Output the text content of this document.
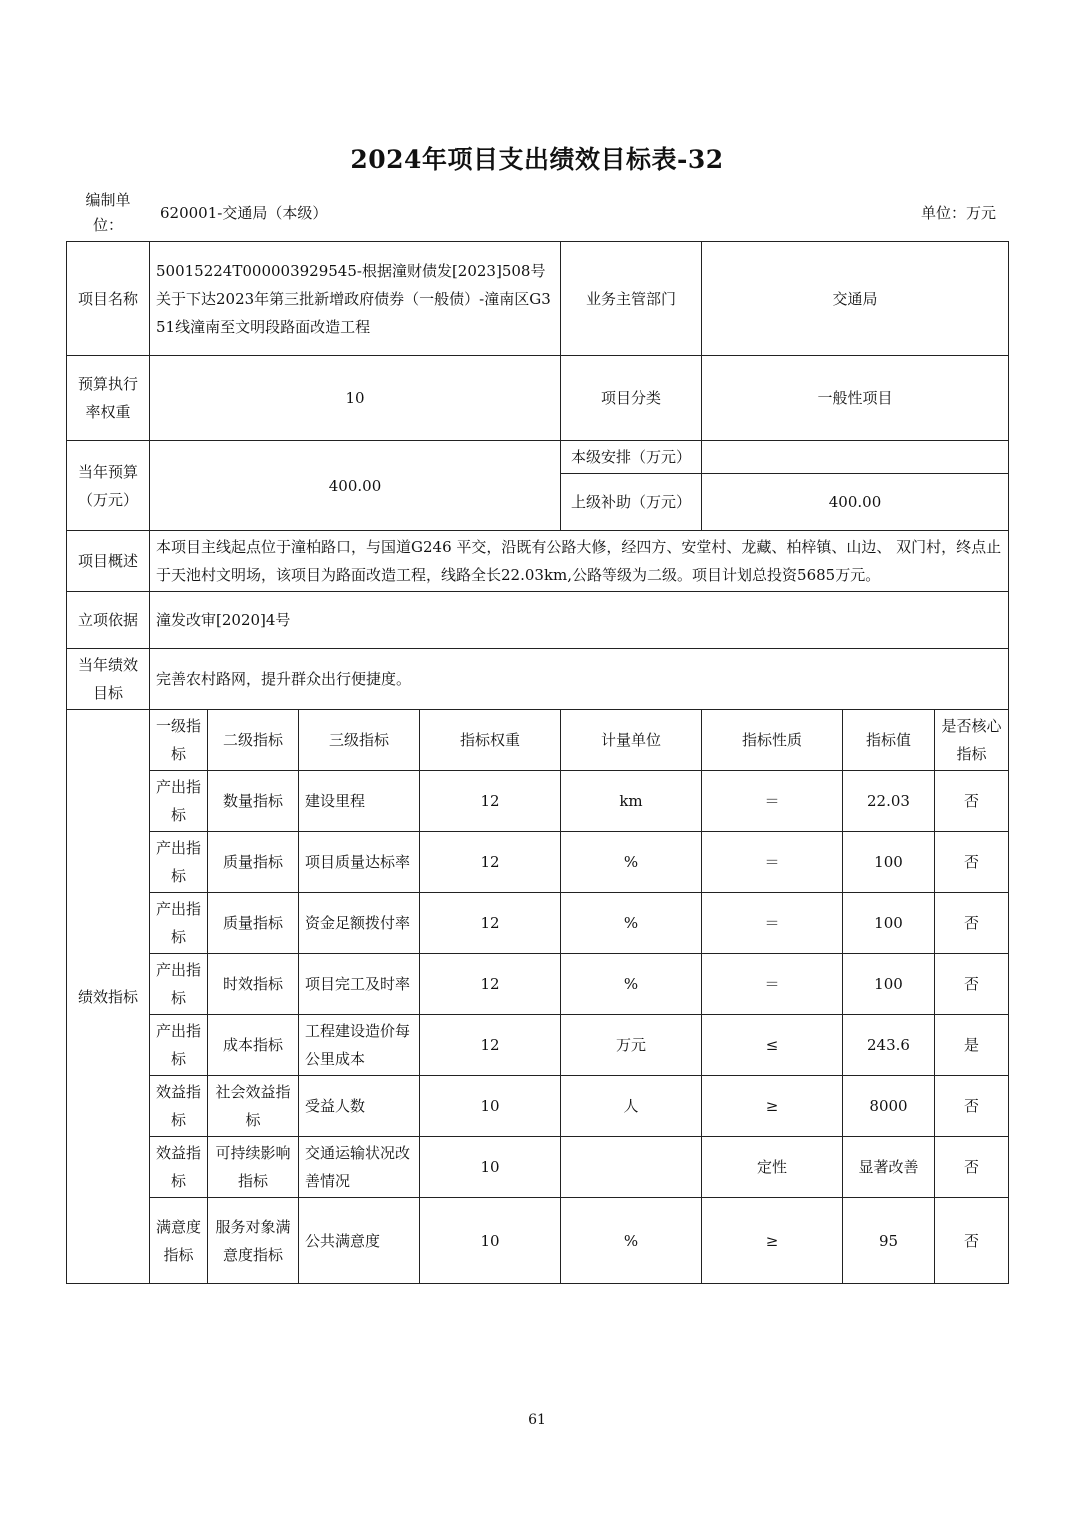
2024年项目支出绩效目标表-32
编制单位：
620001-交通局（本级）	单位：万元
项目名称	50015224T000003929545-根据潼财债发[2023]508号关于下达2023年第三批新增政府债券（一般债）-潼南区G351线潼南至文明段路面改造工程				业务主管部门	交通局		
预算执行率权重	10				项目分类	一般性项目		
当年预算（万元）	400.00				本级安排（万元）			
					上级补助（万元）	400.00		
项目概述	本项目主线起点位于潼柏路口，与国道G246 平交，沿既有公路大修，经四方、安堂村、龙藏、柏梓镇、山边、 双门村，终点止于天池村文明场，该项目为路面改造工程，线路全长22.03km,公路等级为二级。项目计划总投资5685万元。							
立项依据	潼发改审[2020]4号							
当年绩效目标	完善农村路网，提升群众出行便捷度。							
绩效指标	一级指标	二级指标	三级指标	指标权重	计量单位	指标性质	指标值	是否核心指标
	产出指标	数量指标	建设里程	12	km	＝	22.03	否
	产出指标	质量指标	项目质量达标率	12	%	＝	100	否
	产出指标	质量指标	资金足额拨付率	12	%	＝	100	否
	产出指标	时效指标	项目完工及时率	12	%	＝	100	否
	产出指标	成本指标	工程建设造价每公里成本	12	万元	≤	243.6	是
	效益指标	社会效益指标	受益人数	10	人	≥	8000	否
	效益指标	可持续影响指标	交通运输状况改善情况	10		定性	显著改善	否
	满意度指标	服务对象满意度指标	公共满意度	10	%	≥	95	否
61
